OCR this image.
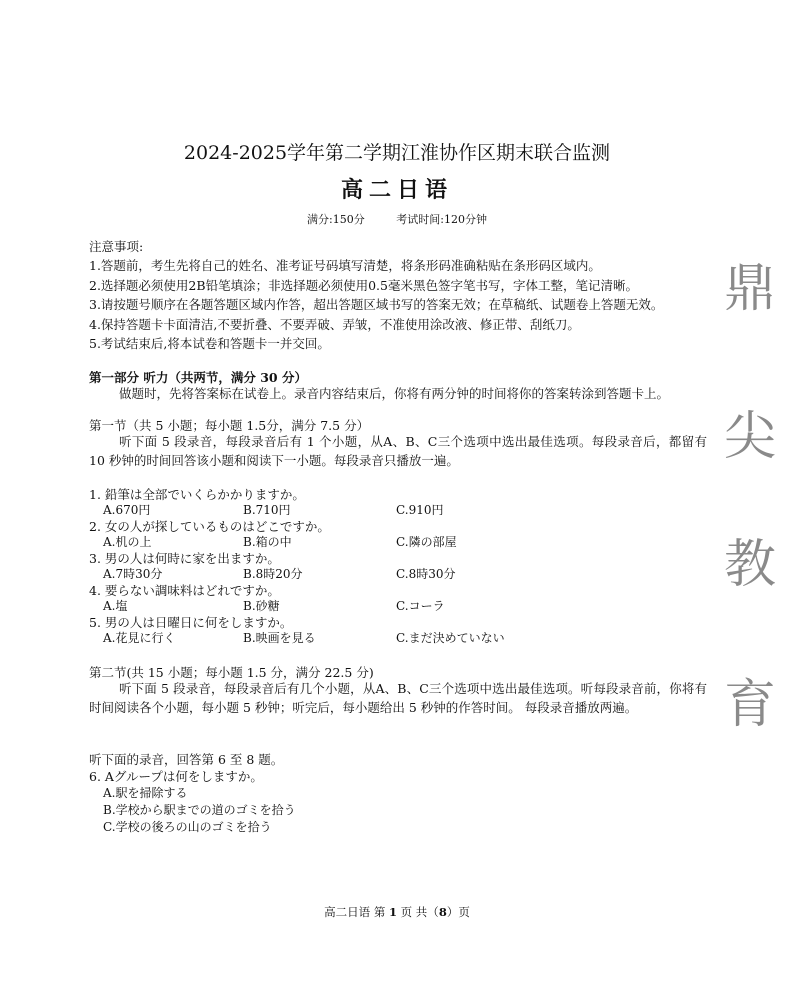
2024-2025学年第二学期江淮协作区期末联合监测
高二日语
满分:150分	考试时间:120分钟
注意事项:
1.答题前，考生先将自己的姓名、准考证号码填写清楚，将条形码准确粘贴在条形码区域内。
2.选择题必须使用2B铅笔填涂；非选择题必须使用0.5毫米黑色签字笔书写，字体工整，笔记清晰。
3.请按题号顺序在各题答题区域内作答，超出答题区域书写的答案无效；在草稿纸、试题卷上答题无效。
4.保持答题卡卡面清洁,不要折叠、不要弄破、弄皱，不准使用涂改液、修正带、刮纸刀。
5.考试结束后,将本试卷和答题卡一并交回。
第一部分 听力（共两节，满分 30 分）
做题时，先将答案标在试卷上。录音内容结束后，你将有两分钟的时间将你的答案转涂到答题卡上。
第一节（共 5 小题；每小题 1.5分，满分 7.5 分）
听下面 5 段录音，每段录音后有 1 个小题，从A、B、C三个选项中选出最佳选项。每段录音后，都留有 10 秒钟的时间回答该小题和阅读下一小题。每段录音只播放一遍。
1. 鉛筆は全部でいくらかかりますか。
A.670円	B.710円	C.910円
2. 女の人が探しているものはどこですか。
A.机の上	B.箱の中	C.隣の部屋
3. 男の人は何時に家を出ますか。
A.7時30分	B.8時20分	C.8時30分
4. 要らない調味料はどれですか。
A.塩	B.砂糖	C.コーラ
5. 男の人は日曜日に何をしますか。
A.花見に行く	B.映画を見る	C.まだ決めていない
第二节(共 15 小题；每小题 1.5 分，满分 22.5 分)
听下面 5 段录音，每段录音后有几个小题，从A、B、C三个选项中选出最佳选项。听每段录音前，你将有时间阅读各个小题，每小题 5 秒钟；听完后，每小题给出 5 秒钟的作答时间。 每段录音播放两遍。
听下面的录音，回答第 6 至 8 题。
6. Aグループは何をしますか。
A.駅を掃除する
B.学校から駅までの道のゴミを拾う
C.学校の後ろの山のゴミを拾う
鼎
尖
教
育
高二日语 第 1 页 共（8）页
